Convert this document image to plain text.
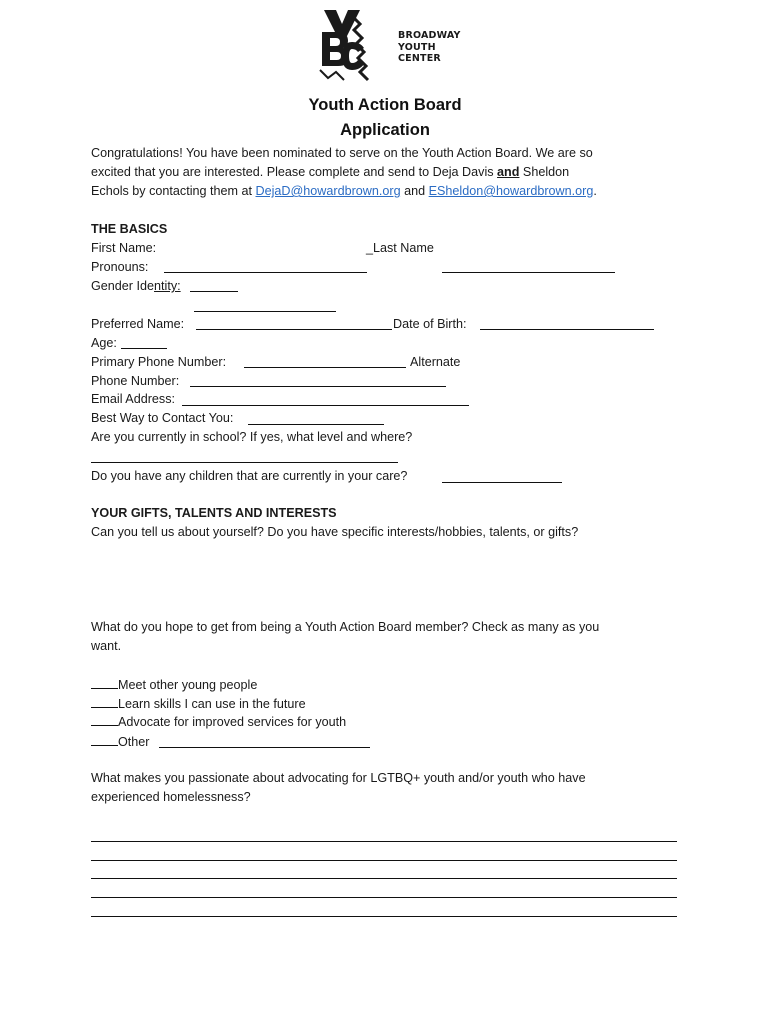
BROADWAY
YOUTH CENTER
Youth Action Board
Application
Congratulations! You have been nominated to serve on the Youth Action Board. We are so
excited that you are interested. Please complete and send to Deja Davis and Sheldon
Echols by contacting them at DejaD@howardbrown.org and ESheldon@howardbrown.org.
THE BASICS
First Name:	_Last Name
Pronouns:
Gender Identity:
Preferred Name:	Date of Birth:
Age:
Primary Phone Number:	Alternate
Phone Number:
Email Address:
Best Way to Contact You:
Are you currently in school? If yes, what level and where?
Do you have any children that are currently in your care?
YOUR GIFTS, TALENTS AND INTERESTS
Can you tell us about yourself? Do you have specific interests/hobbies, talents, or gifts?
What do you hope to get from being a Youth Action Board member? Check as many as you
want.
Meet other young people
Learn skills I can use in the future
Advocate for improved services for youth
Other
What makes you passionate about advocating for LGTBQ+ youth and/or youth who have
experienced homelessness?
